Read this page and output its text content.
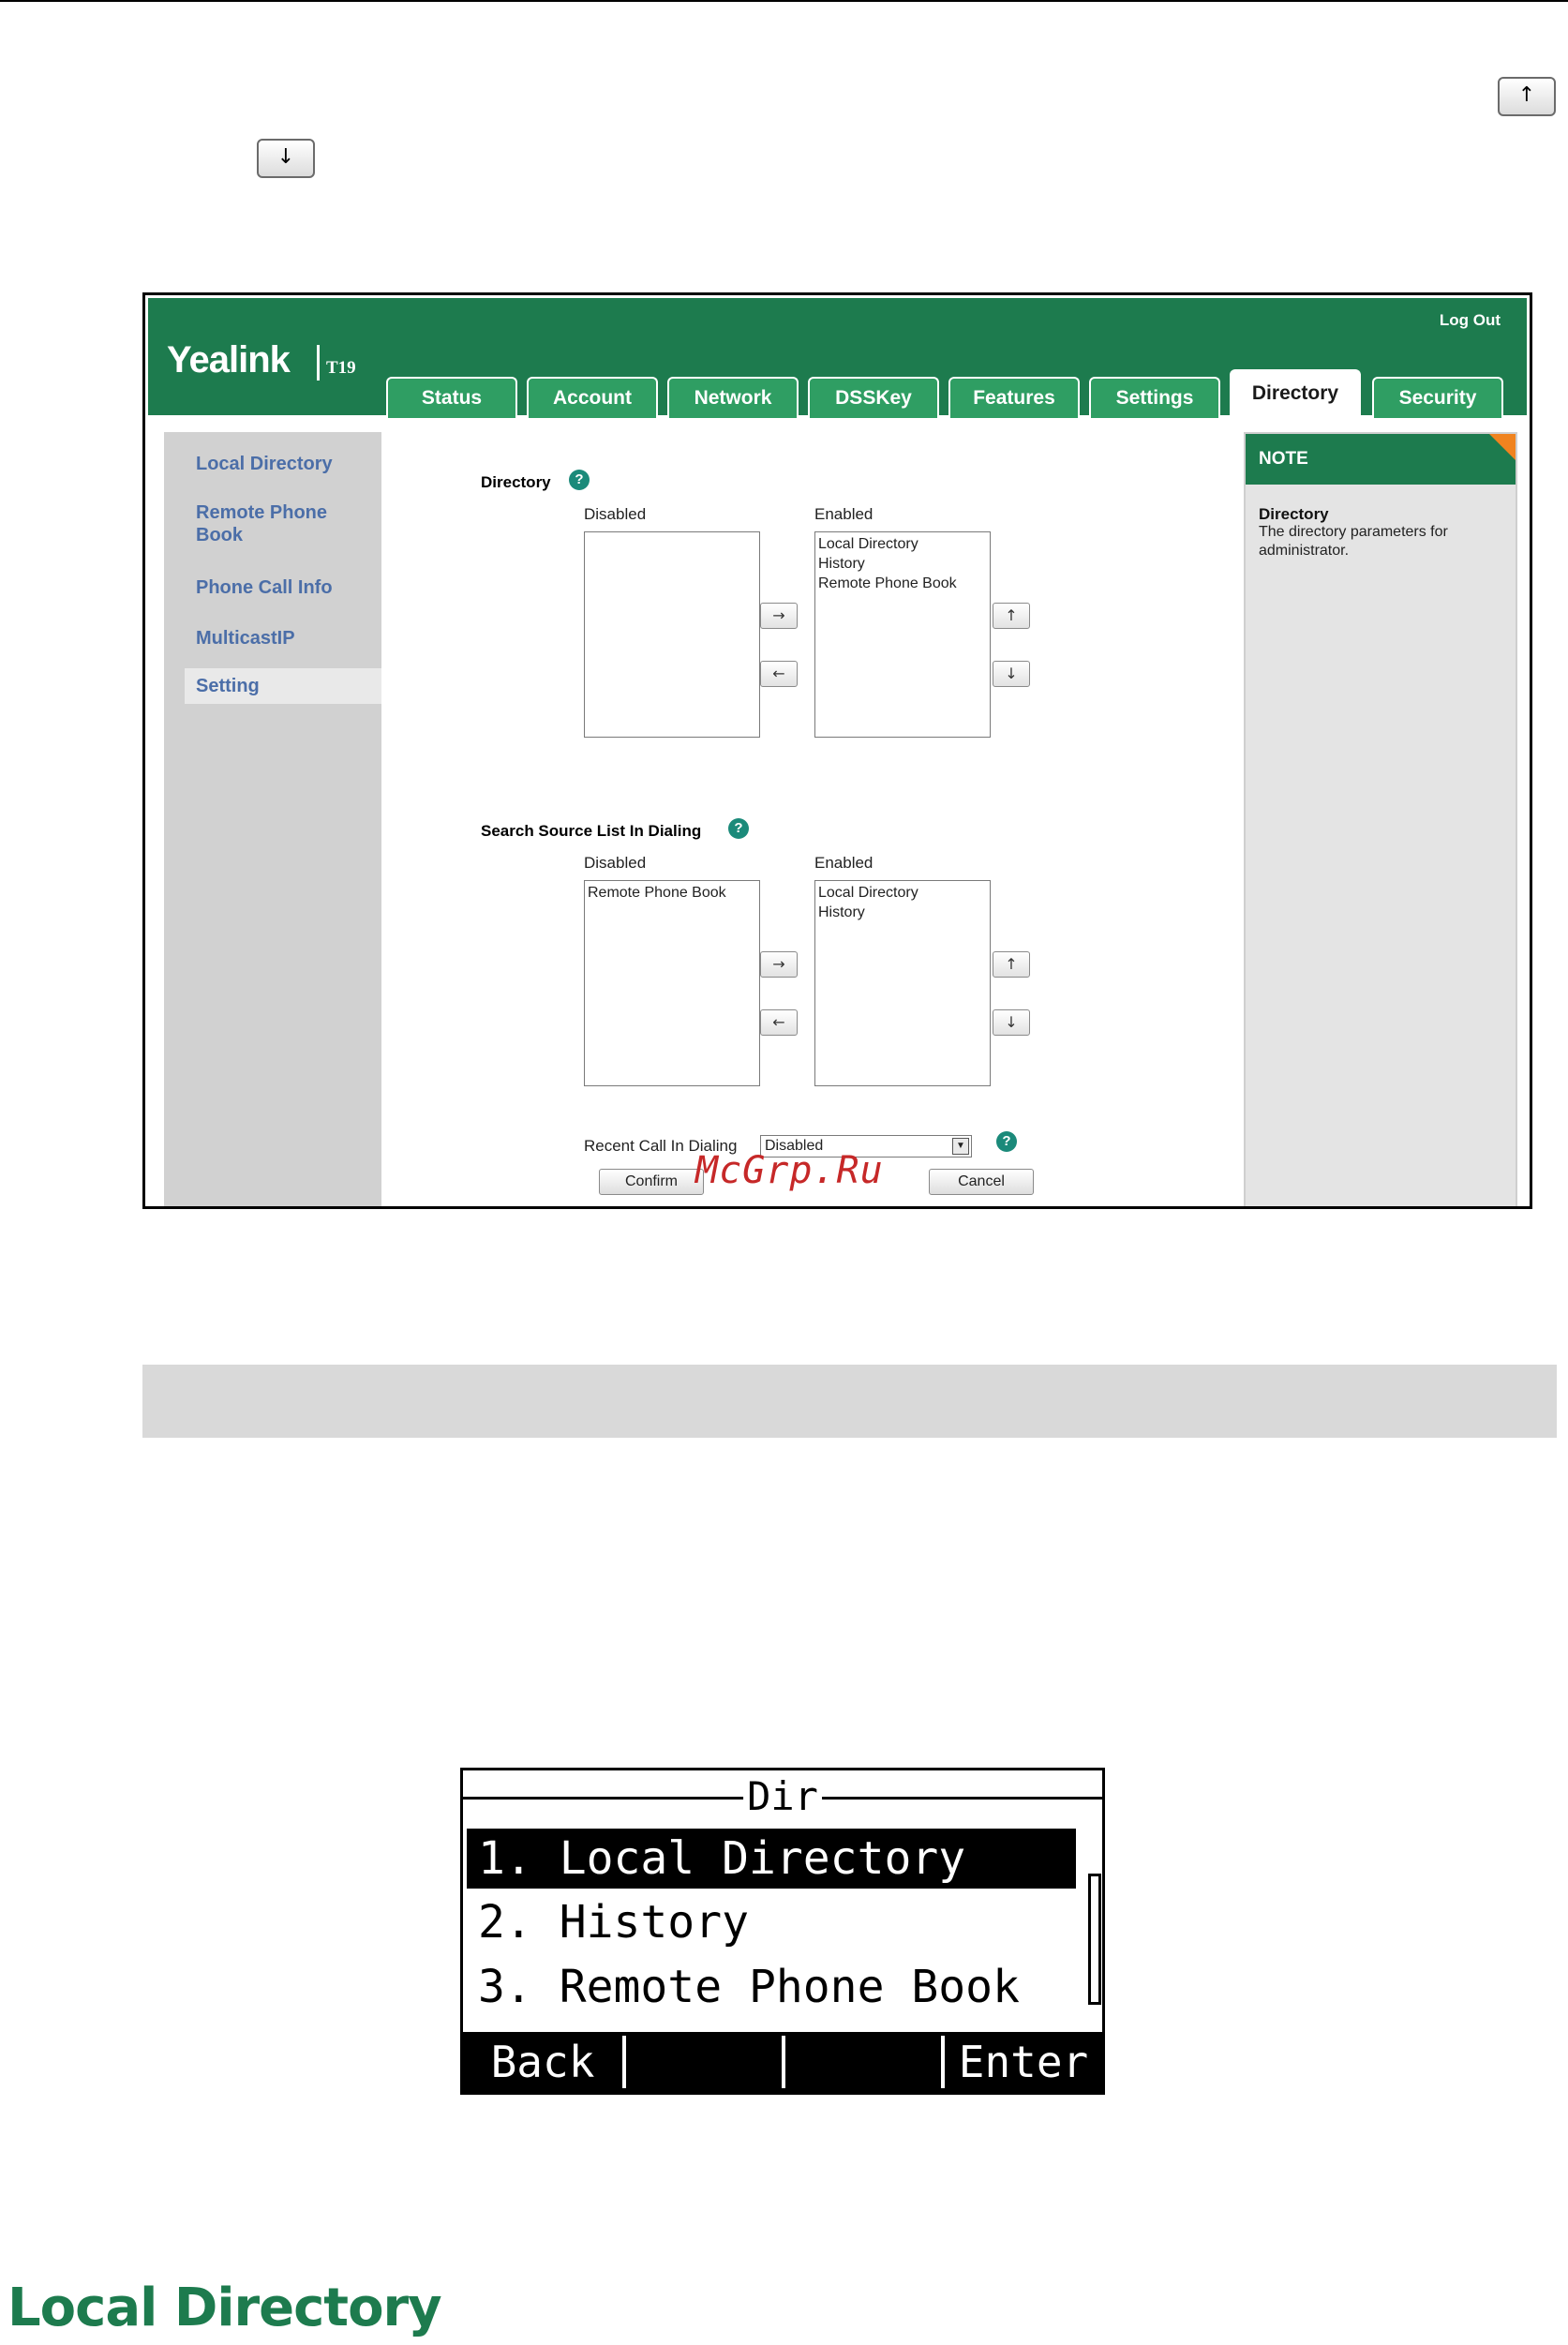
↑
↓
Yealink T19
Log Out
Status	Account	Network	DSSKey	Features	Settings	Directory	Security
Local Directory
Remote Phone
Book
Phone Call Info
MulticastIP
Setting
Directory	?
Disabled	Enabled
Local Directory
History
Remote Phone Book
→
←
↑
↓
Search Source List In Dialing	?
Disabled	Enabled
Remote Phone Book	Local Directory
History
→
←
↑
↓
Recent Call In Dialing	Disabled	▼	?
Confirm	Cancel
NOTE
Directory
The directory parameters for administrator.
McGrp.Ru
Dir
1. Local Directory
2. History
3. Remote Phone Book
Back	Enter
Local Directory
